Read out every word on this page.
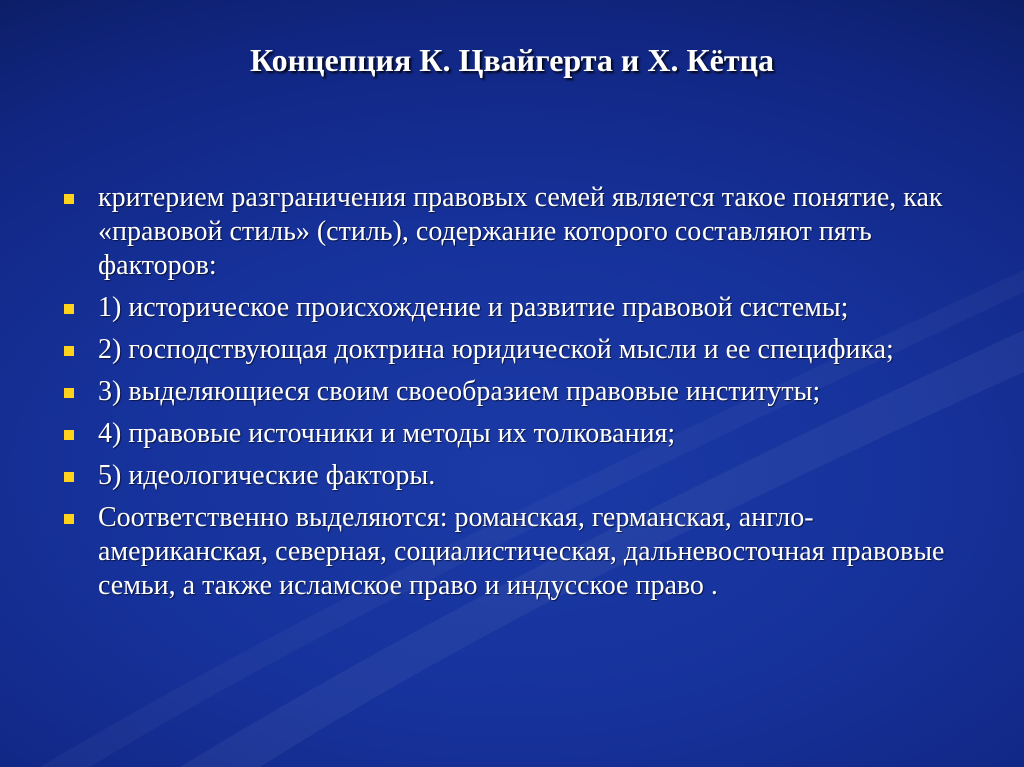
Концепция К. Цвайгерта и Х. Кётца
критерием разграничения правовых семей является такое понятие, как «правовой стиль» (стиль), содержание которого составляют пять факторов:
1) историческое происхождение и развитие правовой системы;
2) господствующая доктрина юридической мысли и ее специфика;
3) выделяющиеся своим своеобразием правовые институты;
4) правовые источники и методы их толкования;
5) идеологические факторы.
Соответственно выделяются: романская, германская, англо-американская, северная, социалистическая, дальневосточная правовые семьи, а также исламское право и индусское право .
